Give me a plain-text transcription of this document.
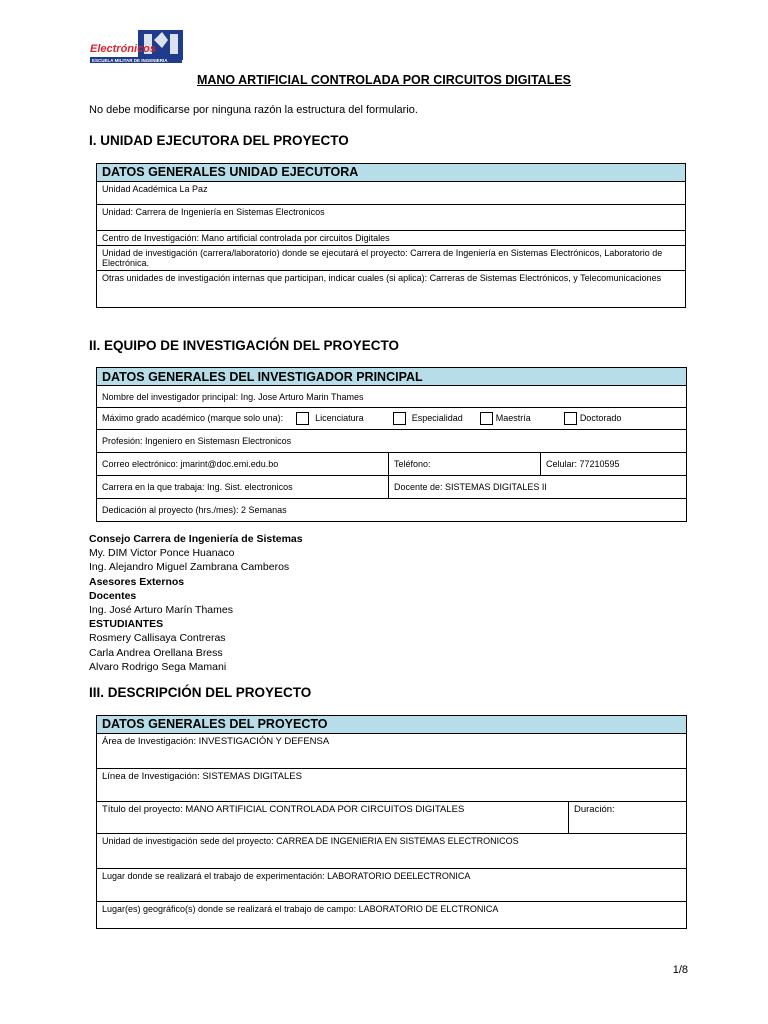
Electrónicos
ESCUELA MILITAR DE INGENIERIA
MANO ARTIFICIAL CONTROLADA POR CIRCUITOS DIGITALES
No debe modificarse por ninguna razón la estructura del formulario.
I. UNIDAD EJECUTORA DEL PROYECTO
DATOS GENERALES UNIDAD EJECUTORA
Unidad Académica La Paz
Unidad: Carrera de Ingeniería en Sistemas Electronicos
Centro de Investigación: Mano artificial controlada por circuitos Digitales
Unidad de investigación (carrera/laboratorio) donde se ejecutará el proyecto: Carrera de Ingeniería en Sistemas Electrónicos, Laboratorio de Electrónica.
Otras unidades de investigación internas que participan, indicar cuales (si aplica): Carreras de Sistemas Electrónicos, y Telecomunicaciones
II. EQUIPO DE INVESTIGACIÓN DEL PROYECTO
DATOS GENERALES DEL INVESTIGADOR PRINCIPAL		
Nombre del investigador principal: Ing. Jose Arturo Marin Thames		
Máximo grado académico (marque solo una): Licenciatura Especialidad Maestría Doctorado		
Profesión: Ingeniero en Sistemasn Electronicos		
Correo electrónico: jmarint@doc.emi.edu.bo	Teléfono:	Celular: 77210595
Carrera en la que trabaja: Ing. Sist. electronicos	Docente de: SISTEMAS DIGITALES II	
Dedicación al proyecto (hrs./mes): 2 Semanas		
Consejo Carrera de Ingeniería de Sistemas
My. DIM Victor Ponce Huanaco
Ing. Alejandro Miguel Zambrana Camberos
Asesores Externos
Docentes
Ing. José Arturo Marín Thames
ESTUDIANTES
Rosmery Callisaya Contreras
Carla Andrea Orellana Bress
Alvaro Rodrigo Sega Mamani
III. DESCRIPCIÓN DEL PROYECTO
DATOS GENERALES DEL PROYECTO
Área de Investigación: INVESTIGACIÓN Y DEFENSA
Línea de Investigación: SISTEMAS DIGITALES
Título del proyecto: MANO ARTIFICIAL CONTROLADA POR CIRCUITOS DIGITALES	Duración:
Unidad de investigación sede del proyecto: CARREA DE INGENIERIA EN SISTEMAS ELECTRONICOS
Lugar donde se realizará el trabajo de experimentación: LABORATORIO DEELECTRONICA
Lugar(es) geográfico(s) donde se realizará el trabajo de campo: LABORATORIO DE ELCTRONICA
1/8
